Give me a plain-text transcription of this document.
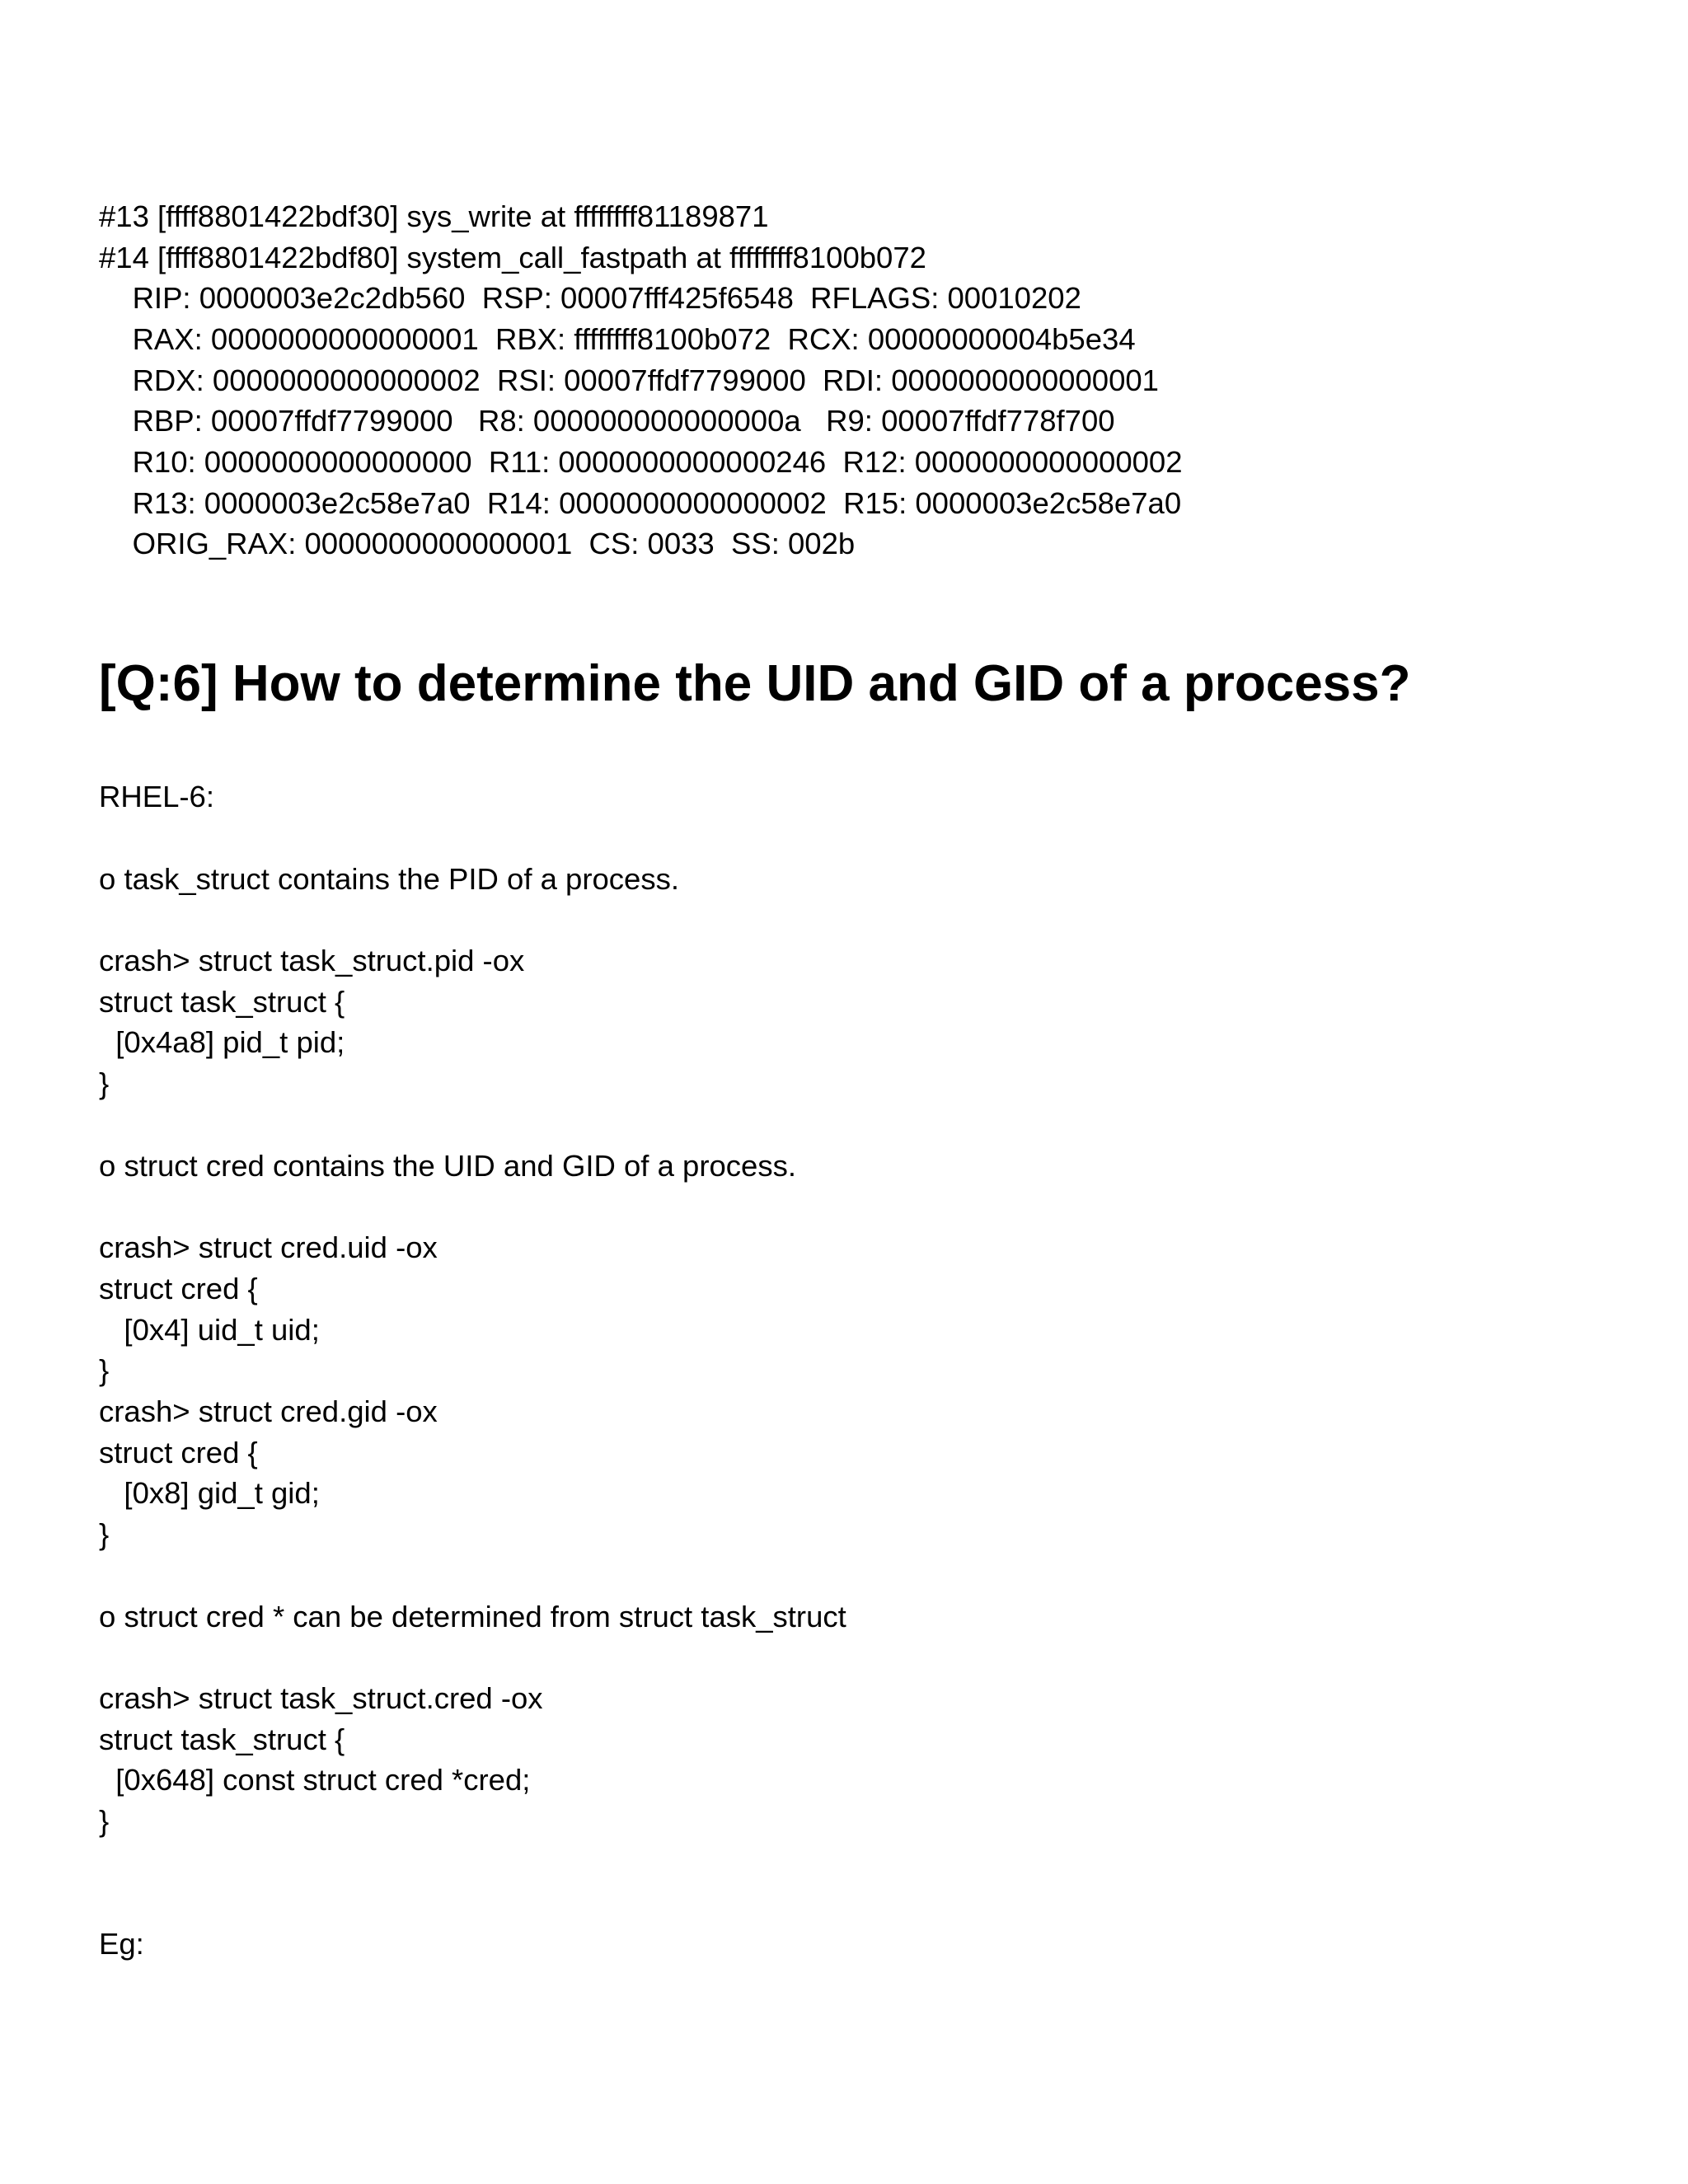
#13 [ffff8801422bdf30] sys_write at ffffffff81189871

#14 [ffff8801422bdf80] system_call_fastpath at ffffffff8100b072

RIP: 0000003e2c2db560  RSP: 00007fff425f6548  RFLAGS: 00010202

RAX: 0000000000000001  RBX: ffffffff8100b072  RCX: 00000000004b5e34

RDX: 0000000000000002  RSI: 00007ffdf7799000  RDI: 0000000000000001

RBP: 00007ffdf7799000   R8: 000000000000000a   R9: 00007ffdf778f700

R10: 0000000000000000  R11: 0000000000000246  R12: 0000000000000002

R13: 0000003e2c58e7a0  R14: 0000000000000002  R15: 0000003e2c58e7a0

ORIG_RAX: 0000000000000001  CS: 0033  SS: 002b

[Q:6] How to determine the UID and GID of a process?

RHEL-6:

o task_struct contains the PID of a process.

crash> struct task_struct.pid -ox

struct task_struct {

[0x4a8] pid_t pid;

}

o struct cred contains the UID and GID of a process.

crash> struct cred.uid -ox

struct cred {

[0x4] uid_t uid;

}

crash> struct cred.gid -ox

struct cred {

[0x8] gid_t gid;

}

o struct cred * can be determined from struct task_struct

crash> struct task_struct.cred -ox

struct task_struct {

[0x648] const struct cred *cred;

}

Eg:
